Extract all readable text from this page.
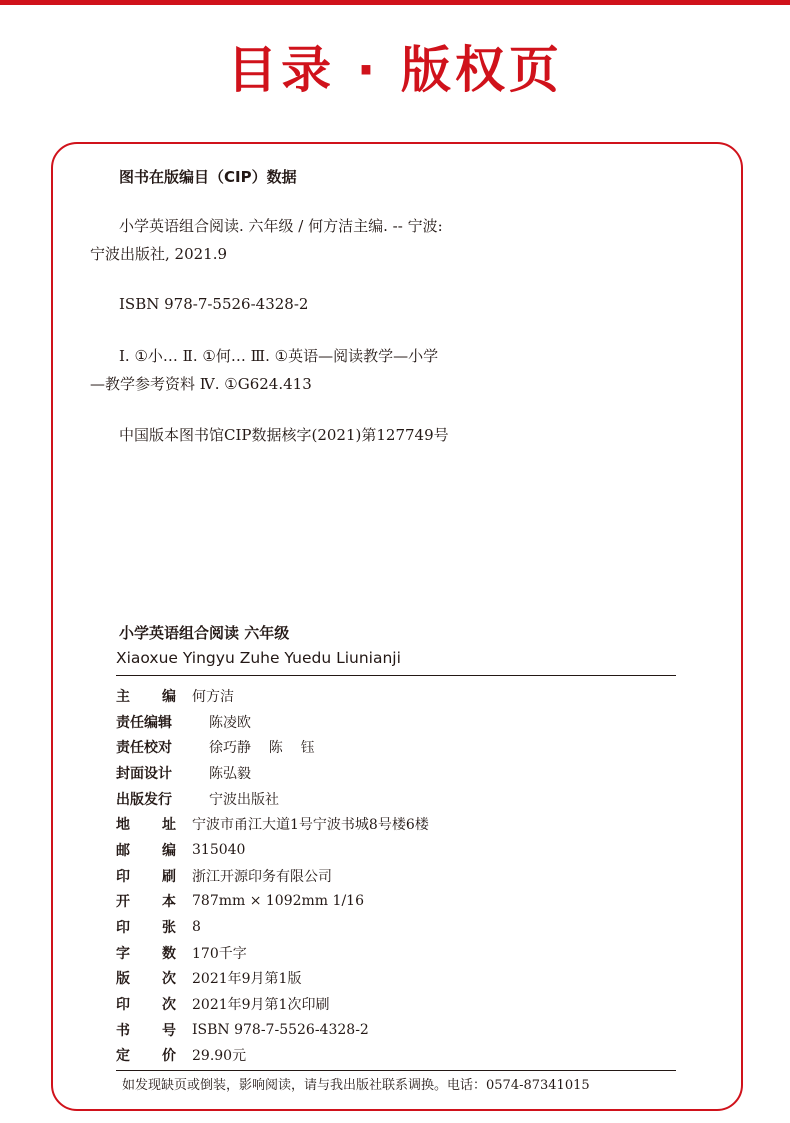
目录 · 版权页
图书在版编目（CIP）数据
小学英语组合阅读. 六年级 / 何方洁主编. -- 宁波:
宁波出版社, 2021.9
ISBN 978-7-5526-4328-2
Ⅰ. ①小… Ⅱ. ①何… Ⅲ. ①英语—阅读教学—小学
—教学参考资料 Ⅳ. ①G624.413
中国版本图书馆CIP数据核字(2021)第127749号
小学英语组合阅读 六年级
Xiaoxue Yingyu Zuhe Yuedu Liunianji
主 编 何方洁
责任编辑	陈凌欧
责任校对	徐巧静    陈    钰
封面设计	陈弘毅
出版发行	宁波出版社
地 址 宁波市甬江大道1号宁波书城8号楼6楼
邮 编 315040
印 刷 浙江开源印务有限公司
开 本 787mm × 1092mm 1/16
印 张 8
字 数 170千字
版 次 2021年9月第1版
印 次 2021年9月第1次印刷
书 号 ISBN 978-7-5526-4328-2
定 价 29.90元
如发现缺页或倒装，影响阅读，请与我出版社联系调换。电话：0574-87341015
